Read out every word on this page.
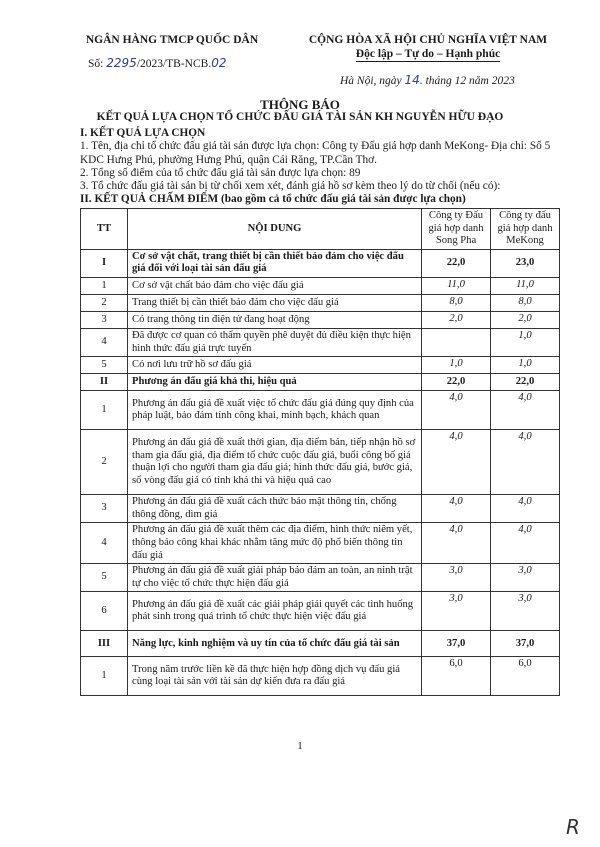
NGÂN HÀNG TMCP QUỐC DÂN
Số: 2295/2023/TB-NCB.02
CỘNG HÒA XÃ HỘI CHỦ NGHĨA VIỆT NAM
Độc lập – Tự do – Hạnh phúc
Hà Nội, ngày 14. tháng 12 năm 2023
THÔNG BÁO
KẾT QUẢ LỰA CHỌN TỔ CHỨC ĐẤU GIÁ TÀI SẢN KH NGUYỄN HỮU ĐẠO
I. KẾT QUẢ LỰA CHỌN
1. Tên, địa chỉ tổ chức đấu giá tài sản được lựa chọn: Công ty Đấu giá hợp danh MeKong- Địa chỉ: Số 5 KDC Hưng Phú, phường Hưng Phú, quận Cái Răng, TP.Cần Thơ.
2. Tổng số điểm của tổ chức đấu giá tài sản được lựa chọn: 89
3. Tổ chức đấu giá tài sản bị từ chối xem xét, đánh giá hồ sơ kèm theo lý do từ chối (nếu có):
II. KẾT QUẢ CHẤM ĐIỂM (bao gồm cả tổ chức đấu giá tài sản được lựa chọn)
TT	NỘI DUNG	Công ty Đấu giá hợp danh Song Pha	Công ty đấu giá hợp danh MeKong
I	Cơ sở vật chất, trang thiết bị cần thiết bảo đảm cho việc đấu giá đối với loại tài sản đấu giá	22,0	23,0
1	Cơ sở vật chất bảo đảm cho việc đấu giá	11,0	11,0
2	Trang thiết bị cần thiết bảo đảm cho việc đấu giá	8,0	8,0
3	Có trang thông tin điện tử đang hoạt động	2,0	2,0
4	Đã được cơ quan có thẩm quyền phê duyệt đủ điều kiện thực hiện hình thức đấu giá trực tuyến		1,0
5	Có nơi lưu trữ hồ sơ đấu giá	1,0	1,0
II	Phương án đấu giá khả thi, hiệu quả	22,0	22,0
1	Phương án đấu giá đề xuất việc tổ chức đấu giá đúng quy định của pháp luật, bảo đảm tính công khai, minh bạch, khách quan	4,0	4,0
2	Phương án đấu giá đề xuất thời gian, địa điểm bán, tiếp nhận hồ sơ tham gia đấu giá, địa điểm tổ chức cuộc đấu giá, buổi công bố giá thuận lợi cho người tham gia đấu giá; hình thức đấu giá, bước giá, số vòng đấu giá có tính khả thi và hiệu quả cao	4,0	4,0
3	Phương án đấu giá đề xuất cách thức bảo mật thông tin, chống thông đồng, dìm giá	4,0	4,0
4	Phương án đấu giá đề xuất thêm các địa điểm, hình thức niêm yết, thông báo công khai khác nhằm tăng mức độ phổ biến thông tin đấu giá	4,0	4,0
5	Phương án đấu giá đề xuất giải pháp bảo đảm an toàn, an ninh trật tự cho việc tổ chức thực hiện đấu giá	3,0	3,0
6	Phương án đấu giá đề xuất các giải pháp giải quyết các tình huống phát sinh trong quá trình tổ chức thực hiện việc đấu giá	3,0	3,0
III	Năng lực, kinh nghiệm và uy tín của tổ chức đấu giá tài sản	37,0	37,0
1	Trong năm trước liền kề đã thực hiện hợp đồng dịch vụ đấu giá cùng loại tài sản với tài sản dự kiến đưa ra đấu giá	6,0	6,0
1
R
